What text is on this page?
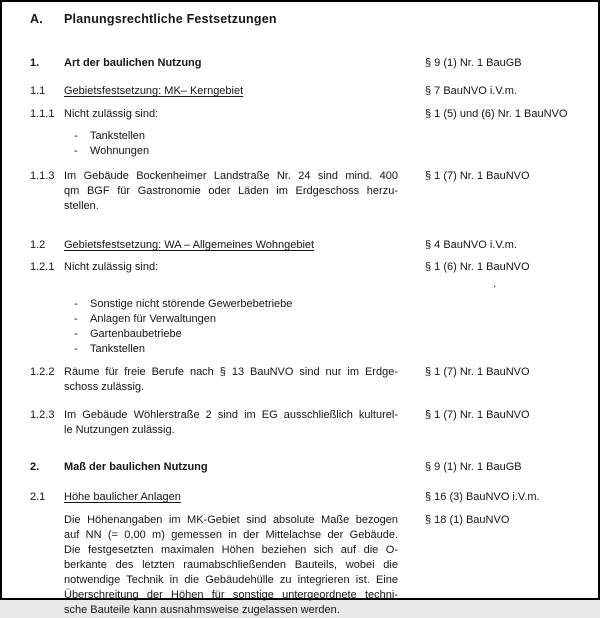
A.	Planungsrechtliche Festsetzungen
1.	Art der baulichen Nutzung	§ 9 (1) Nr. 1 BauGB
1.1	Gebietsfestsetzung: MK– Kerngebiet	§ 7 BauNVO i.V.m.
1.1.1 Nicht zulässig sind:	§ 1 (5) und (6) Nr. 1 BauNVO
-	Tankstellen
-	Wohnungen
1.1.3 Im Gebäude Bockenheimer Landstraße Nr. 24 sind mind. 400
qm BGF für Gastronomie oder Läden im Erdgeschoss herzu-
stellen.
§ 1 (7) Nr. 1 BauNVO
1.2	Gebietsfestsetzung: WA – Allgemeines Wohngebiet	§ 4 BauNVO i.V.m.
1.2.1 Nicht zulässig sind:	§ 1 (6) Nr. 1 BauNVO
.
-	Sonstige nicht störende Gewerbebetriebe
-	Anlagen für Verwaltungen
-	Gartenbaubetriebe
-	Tankstellen
1.2.2 Räume für freie Berufe nach § 13 BauNVO sind nur im Erdge-
schoss zulässig.
§ 1 (7) Nr. 1 BauNVO
1.2.3 Im Gebäude Wöhlerstraße 2 sind im EG ausschließlich kulturel-
le Nutzungen zulässig.
§ 1 (7) Nr. 1 BauNVO
2.	Maß der baulichen Nutzung	§ 9 (1) Nr. 1 BauGB
2.1	Höhe baulicher Anlagen	§ 16 (3) BauNVO i.V.m.
Die Höhenangaben im MK-Gebiet sind absolute Maße bezogen
auf NN (= 0,00 m) gemessen in der Mittelachse der Gebäude.
Die festgesetzten maximalen Höhen beziehen sich auf die O-
berkante des letzten raumabschließenden Bauteils, wobei die
notwendige Technik in die Gebäudehülle zu integrieren ist. Eine
Überschreitung der Höhen für sonstige untergeordnete techni-
sche Bauteile kann ausnahmsweise zugelassen werden.
§ 18 (1) BauNVO
